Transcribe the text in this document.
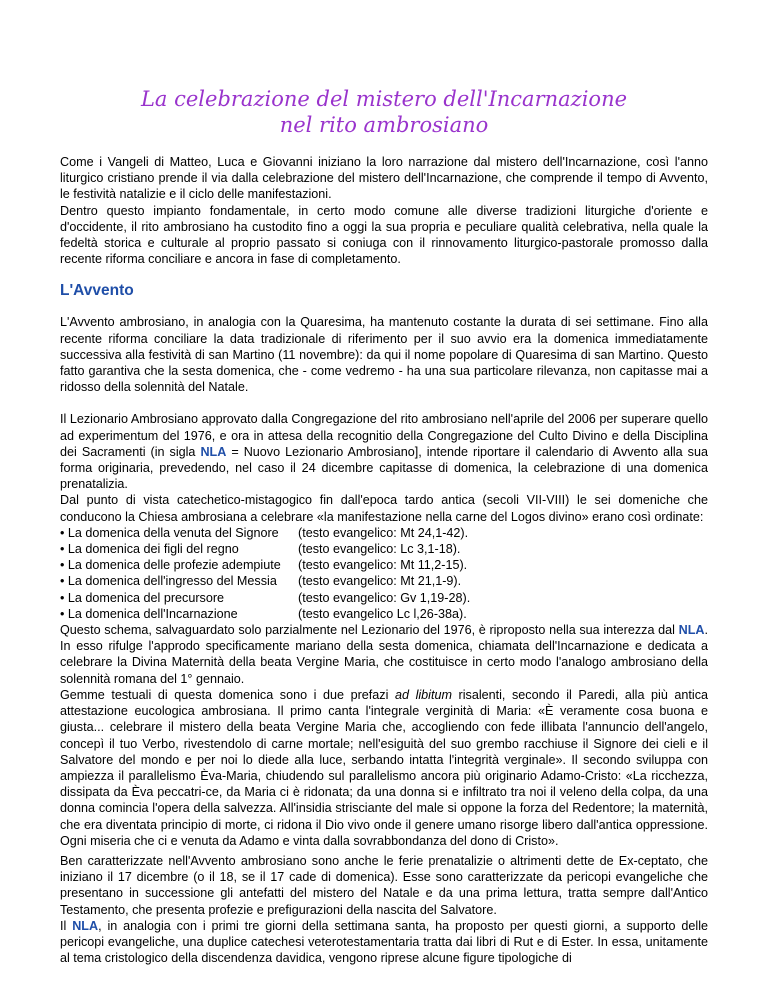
La celebrazione del mistero dell'Incarnazione
nel rito ambrosiano

Come i Vangeli di Matteo, Luca e Giovanni iniziano la loro narrazione dal mistero dell'Incarnazione, così l'anno liturgico cristiano prende il via dalla celebrazione del mistero dell'Incarnazione, che comprende il tempo di Avvento, le festività natalizie e il ciclo delle manifestazioni.

Dentro questo impianto fondamentale, in certo modo comune alle diverse tradizioni liturgiche d'oriente e d'occidente, il rito ambrosiano ha custodito fino a oggi la sua propria e peculiare qualità celebrativa, nella quale la fedeltà storica e culturale al proprio passato si coniuga con il rinnovamento liturgico-pastorale promosso dalla recente riforma conciliare e ancora in fase di completamento.

L'Avvento

L'Avvento ambrosiano, in analogia con la Quaresima, ha mantenuto costante la durata di sei settimane. Fino alla recente riforma conciliare la data tradizionale di riferimento per il suo avvio era la domenica immediatamente successiva alla festività di san Martino (11 novembre): da qui il nome popolare di Quaresima di san Martino. Questo fatto garantiva che la sesta domenica, che - come vedremo - ha una sua particolare rilevanza, non capitasse mai a ridosso della solennità del Natale.

Il Lezionario Ambrosiano approvato dalla Congregazione del rito ambrosiano nell'aprile del 2006 per superare quello ad experimentum del 1976, e ora in attesa della recognitio della Congregazione del Culto Divino e della Disciplina dei Sacramenti (in sigla NLA = Nuovo Lezionario Ambrosiano], intende riportare il calendario di Avvento alla sua forma originaria, prevedendo, nel caso il 24 dicembre capitasse di domenica, la celebrazione di una domenica prenatalizia.

Dal punto di vista catechetico-mistagogico fin dall'epoca tardo antica (secoli VII-VIII) le sei domeniche che conducono la Chiesa ambrosiana a celebrare «la manifestazione nella carne del Logos divino» erano così ordinate:

• La domenica della venuta del Signore	(testo evangelico: Mt 24,1-42).
• La domenica dei figli del regno	(testo evangelico: Lc 3,1-18).
• La domenica delle profezie adempiute	(testo evangelico: Mt 11,2-15).
• La domenica dell'ingresso del Messia	(testo evangelico: Mt 21,1-9).
• La domenica del precursore	(testo evangelico: Gv 1,19-28).
• La domenica dell'Incarnazione	(testo evangelico Lc l,26-38a).

Questo schema, salvaguardato solo parzialmente nel Lezionario del 1976, è riproposto nella sua interezza dal NLA. In esso rifulge l'approdo specificamente mariano della sesta domenica, chiamata dell'Incarnazione e dedicata a celebrare la Divina Maternità della beata Vergine Maria, che costituisce in certo modo l'analogo ambrosiano della solennità romana del 1° gennaio.

Gemme testuali di questa domenica sono i due prefazi ad libitum risalenti, secondo il Paredi, alla più antica attestazione eucologica ambrosiana. Il primo canta l'integrale verginità di Maria: «È veramente cosa buona e giusta... celebrare il mistero della beata Vergine Maria che, accogliendo con fede illibata l'annuncio dell'angelo, concepì il tuo Verbo, rivestendolo di carne mortale; nell'esiguità del suo grembo racchiuse il Signore dei cieli e il Salvatore del mondo e per noi lo diede alla luce, serbando intatta l'integrità verginale». Il secondo sviluppa con ampiezza il parallelismo Èva-Maria, chiudendo sul parallelismo ancora più originario Adamo-Cristo: «La ricchezza, dissipata da Èva peccatri-ce, da Maria ci è ridonata; da una donna si e infiltrato tra noi il veleno della colpa, da una donna comincia l'opera della salvezza. All'insidia strisciante del male si oppone la forza del Redentore; la maternità, che era diventata principio di morte, ci ridona il Dio vivo onde il genere umano risorge libero dall'antica oppressione. Ogni miseria che ci e venuta da Adamo e vinta dalla sovrabbondanza del dono di Cristo».

Ben caratterizzate nell'Avvento ambrosiano sono anche le ferie prenatalizie o altrimenti dette de Ex-ceptato, che iniziano il 17 dicembre (o il 18, se il 17 cade di domenica). Esse sono caratterizzate da pericopi evangeliche che presentano in successione gli antefatti del mistero del Natale e da una prima lettura, tratta sempre dall'Antico Testamento, che presenta profezie e prefigurazioni della nascita del Salvatore.

Il NLA, in analogia con i primi tre giorni della settimana santa, ha proposto per questi giorni, a supporto delle pericopi evangeliche, una duplice catechesi veterotestamentaria tratta dai libri di Rut e di Ester. In essa, unitamente al tema cristologico della discendenza davidica, vengono riprese alcune figure tipologiche di
